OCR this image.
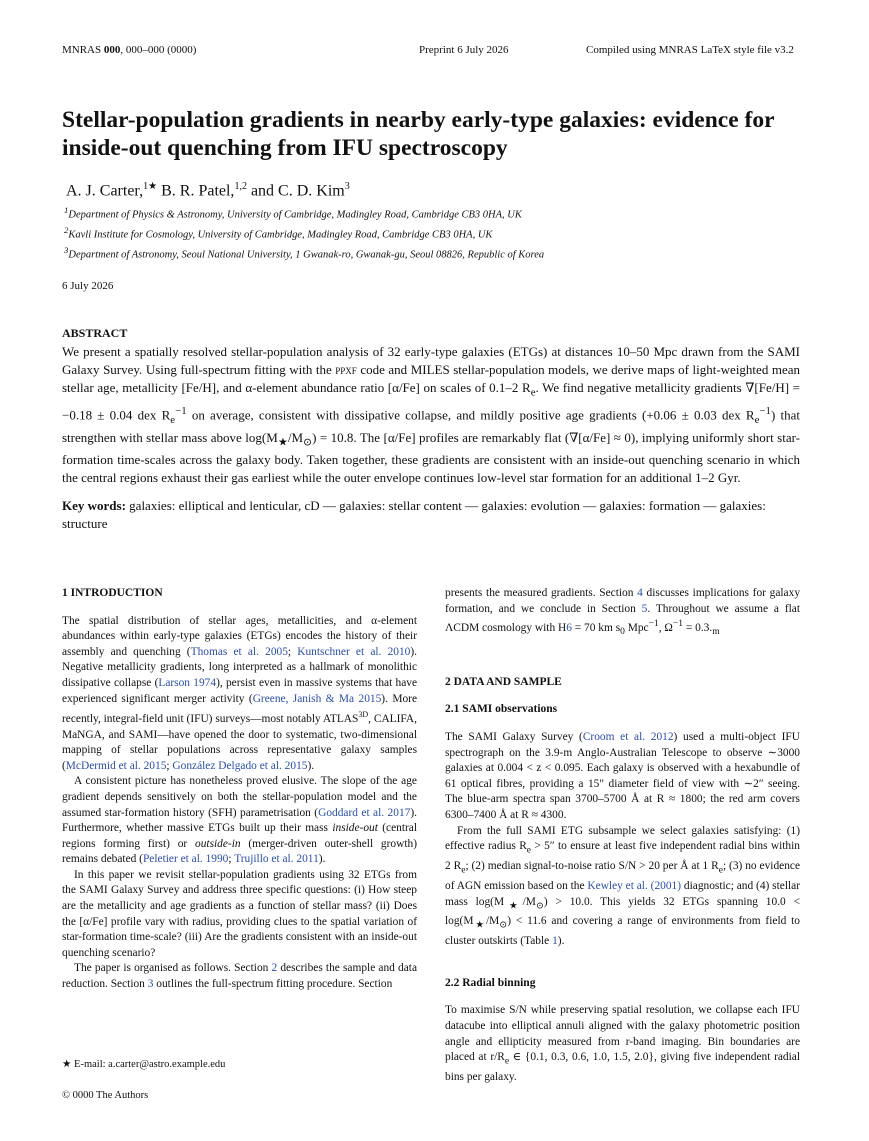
MNRAS 000, 000–000 (0000)	Preprint 6 July 2026	Compiled using MNRAS LaTeX style file v3.2
Stellar-population gradients in nearby early-type galaxies: evidence for inside-out quenching from IFU spectroscopy
A. J. Carter,$^{1★}$ B. R. Patel,$^{1,2}$ and C. D. Kim$^3$
$^1$Department of Physics & Astronomy, University of Cambridge, Madingley Road, Cambridge CB3 0HA, UK
$^2$Kavli Institute for Cosmology, University of Cambridge, Madingley Road, Cambridge CB3 0HA, UK
$^3$Department of Astronomy, Seoul National University, 1 Gwanak-ro, Gwanak-gu, Seoul 08826, Republic of Korea
6 July 2026
ABSTRACT

We present a spatially resolved stellar-population analysis of 32 early-type galaxies (ETGs) at distances 10–50 Mpc drawn from the SAMI Galaxy Survey. Using full-spectrum fitting with the ppxf code and MILES stellar-population models, we derive maps of light-weighted mean stellar age, metallicity [Fe/H], and α-element abundance ratio [α/Fe] on scales of 0.1–2 $R_e$. We find negative metallicity gradients ∇[Fe/H] = −0.18 ± 0.04 dex $R_e^{-1}$ on average, consistent with dissipative collapse, and mildly positive age gradients (+0.06 ± 0.03 dex $R_e^{-1}$) that strengthen with stellar mass above $\log(M_★/M_⊙) = 10.8$. The [α/Fe] profiles are remarkably flat (∇[α/Fe] ≈ 0), implying uniformly short star-formation time-scales across the galaxy body. Taken together, these gradients are consistent with an inside-out quenching scenario in which the central regions exhaust their gas earliest while the outer envelope continues low-level star formation for an additional 1–2 Gyr.

Key words: galaxies: elliptical and lenticular, cD — galaxies: stellar content — galaxies: evolution — galaxies: formation — galaxies: structure
1 INTRODUCTION

The spatial distribution of stellar ages, metallicities, and α-element abundances within early-type galaxies (ETGs) encodes the history of their assembly and quenching (Thomas et al. 2005; Kuntschner et al. 2010). Negative metallicity gradients, long interpreted as a hallmark of monolithic dissipative collapse (Larson 1974), persist even in massive systems that have experienced significant merger activity (Greene, Janish & Ma 2015). More recently, integral-field unit (IFU) surveys—most notably $ATLAS^{3D}$, CALIFA, MaNGA, and SAMI—have opened the door to systematic, two-dimensional mapping of stellar populations across representative galaxy samples (McDermid et al. 2015; González Delgado et al. 2015).

A consistent picture has nonetheless proved elusive. The slope of the age gradient depends sensitively on both the stellar-population model and the assumed star-formation history (SFH) parametrisation (Goddard et al. 2017). Furthermore, whether massive ETGs built up their mass inside-out (central regions forming first) or outside-in (merger-driven outer-shell growth) remains debated (Peletier et al. 1990; Trujillo et al. 2011).

In this paper we revisit stellar-population gradients using 32 ETGs from the SAMI Galaxy Survey and address three specific questions: (i) How steep are the metallicity and age gradients as a function of stellar mass? (ii) Does the [α/Fe] profile vary with radius, providing clues to the spatial variation of star-formation time-scale? (iii) Are the gradients consistent with an inside-out quenching scenario?

The paper is organised as follows. Section 2 describes the sample and data reduction. Section 3 outlines the full-spectrum fitting procedure. Section

presents the measured gradients. Section 4 discusses implications for galaxy formation, and we conclude in Section 5. Throughout we assume a flat ΛCDM cosmology with H6 = 70 km $s_0$ Mpc$^{-1}$, $\Omega^{-1} = 0.3._m$

2 DATA AND SAMPLE
2.1 SAMI observations

The SAMI Galaxy Survey (Croom et al. 2012) used a multi-object IFU spectrograph on the 3.9-m Anglo-Australian Telescope to observe ∼3000 galaxies at 0.004 < z < 0.095. Each galaxy is observed with a hexabundle of 61 optical fibres, providing a 15″ diameter field of view with ∼2″ seeing. The blue-arm spectra span 3700–5700 Å at R ≈ 1800; the red arm covers 6300–7400 Å at R ≈ 4300.

From the full SAMI ETG subsample we select galaxies satisfying: (1) effective radius $R_e > 5''$ to ensure at least five independent radial bins within 2 $R_e$; (2) median signal-to-noise ratio S/N > 20 per Å at 1 $R_e$; (3) no evidence of AGN emission based on the Kewley et al. (2001) diagnostic; and (4) stellar mass $\log(M_★/M_⊙) > 10.0$. This yields 32 ETGs spanning $10.0 < \log(M_★/M_⊙) < 11.6$ and covering a range of environments from field to cluster outskirts (Table 1).

2.2 Radial binning

To maximise S/N while preserving spatial resolution, we collapse each IFU datacube into elliptical annuli aligned with the galaxy photometric position angle and ellipticity measured from r-band imaging. Bin boundaries are placed at $r/R_e$ ∈ {0.1, 0.3, 0.6, 1.0, 1.5, 2.0}, giving five independent radial bins per galaxy.

★ E-mail: a.carter@astro.example.edu
© 0000 The Authors
